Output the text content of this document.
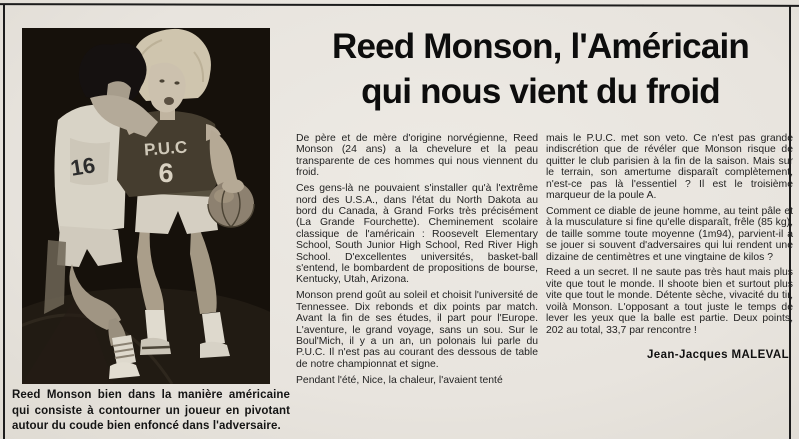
P.U.C
6
16
Reed Monson bien dans la manière américaine qui consiste à contourner un joueur en pivotant autour du coude bien enfoncé dans l'adversaire.
Reed Monson, l'Américain
qui nous vient du froid

De père et de mère d'origine norvégienne, Reed Monson (24 ans) a la chevelure et la peau transparente de ces hommes qui nous viennent du froid.

Ces gens-là ne pouvaient s'installer qu'à l'extrême nord des U.S.A., dans l'état du North Dakota au bord du Canada, à Grand Forks très précisément (La Grande Fourchette). Cheminement scolaire classique de l'américain : Roosevelt Elementary School, South Junior High School, Red River High School. D'excellentes universités, basket-ball s'entend, le bombardent de propositions de bourse, Kentucky, Utah, Arizona.

Monson prend goût au soleil et choisit l'université de Tennessee. Dix rebonds et dix points par match. Avant la fin de ses études, il part pour l'Europe. L'aventure, le grand voyage, sans un sou. Sur le Boul'Mich, il y a un an, un polonais lui parle du P.U.C. Il n'est pas au courant des dessous de table de notre championnat et signe.

Pendant l'été, Nice, la chaleur, l'avaient tenté

mais le P.U.C. met son veto. Ce n'est pas grande indiscrétion que de révéler que Monson risque de quitter le club parisien à la fin de la saison. Mais sur le terrain, son amertume disparaît complètement, n'est-ce pas là l'essentiel ? Il est le troisième marqueur de la poule A.

Comment ce diable de jeune homme, au teint pâle et à la musculature si fine qu'elle disparaît, frêle (85 kg), de taille somme toute moyenne (1m94), parvient-il à se jouer si souvent d'adversaires qui lui rendent une dizaine de centimètres et une vingtaine de kilos ?

Reed a un secret. Il ne saute pas très haut mais plus vite que tout le monde. Il shoote bien et surtout plus vite que tout le monde. Détente sèche, vivacité du tir, voilà Monson. L'opposant a tout juste le temps de lever les yeux que la balle est partie. Deux points, 202 au total, 33,7 par rencontre !

Jean-Jacques MALEVAL
